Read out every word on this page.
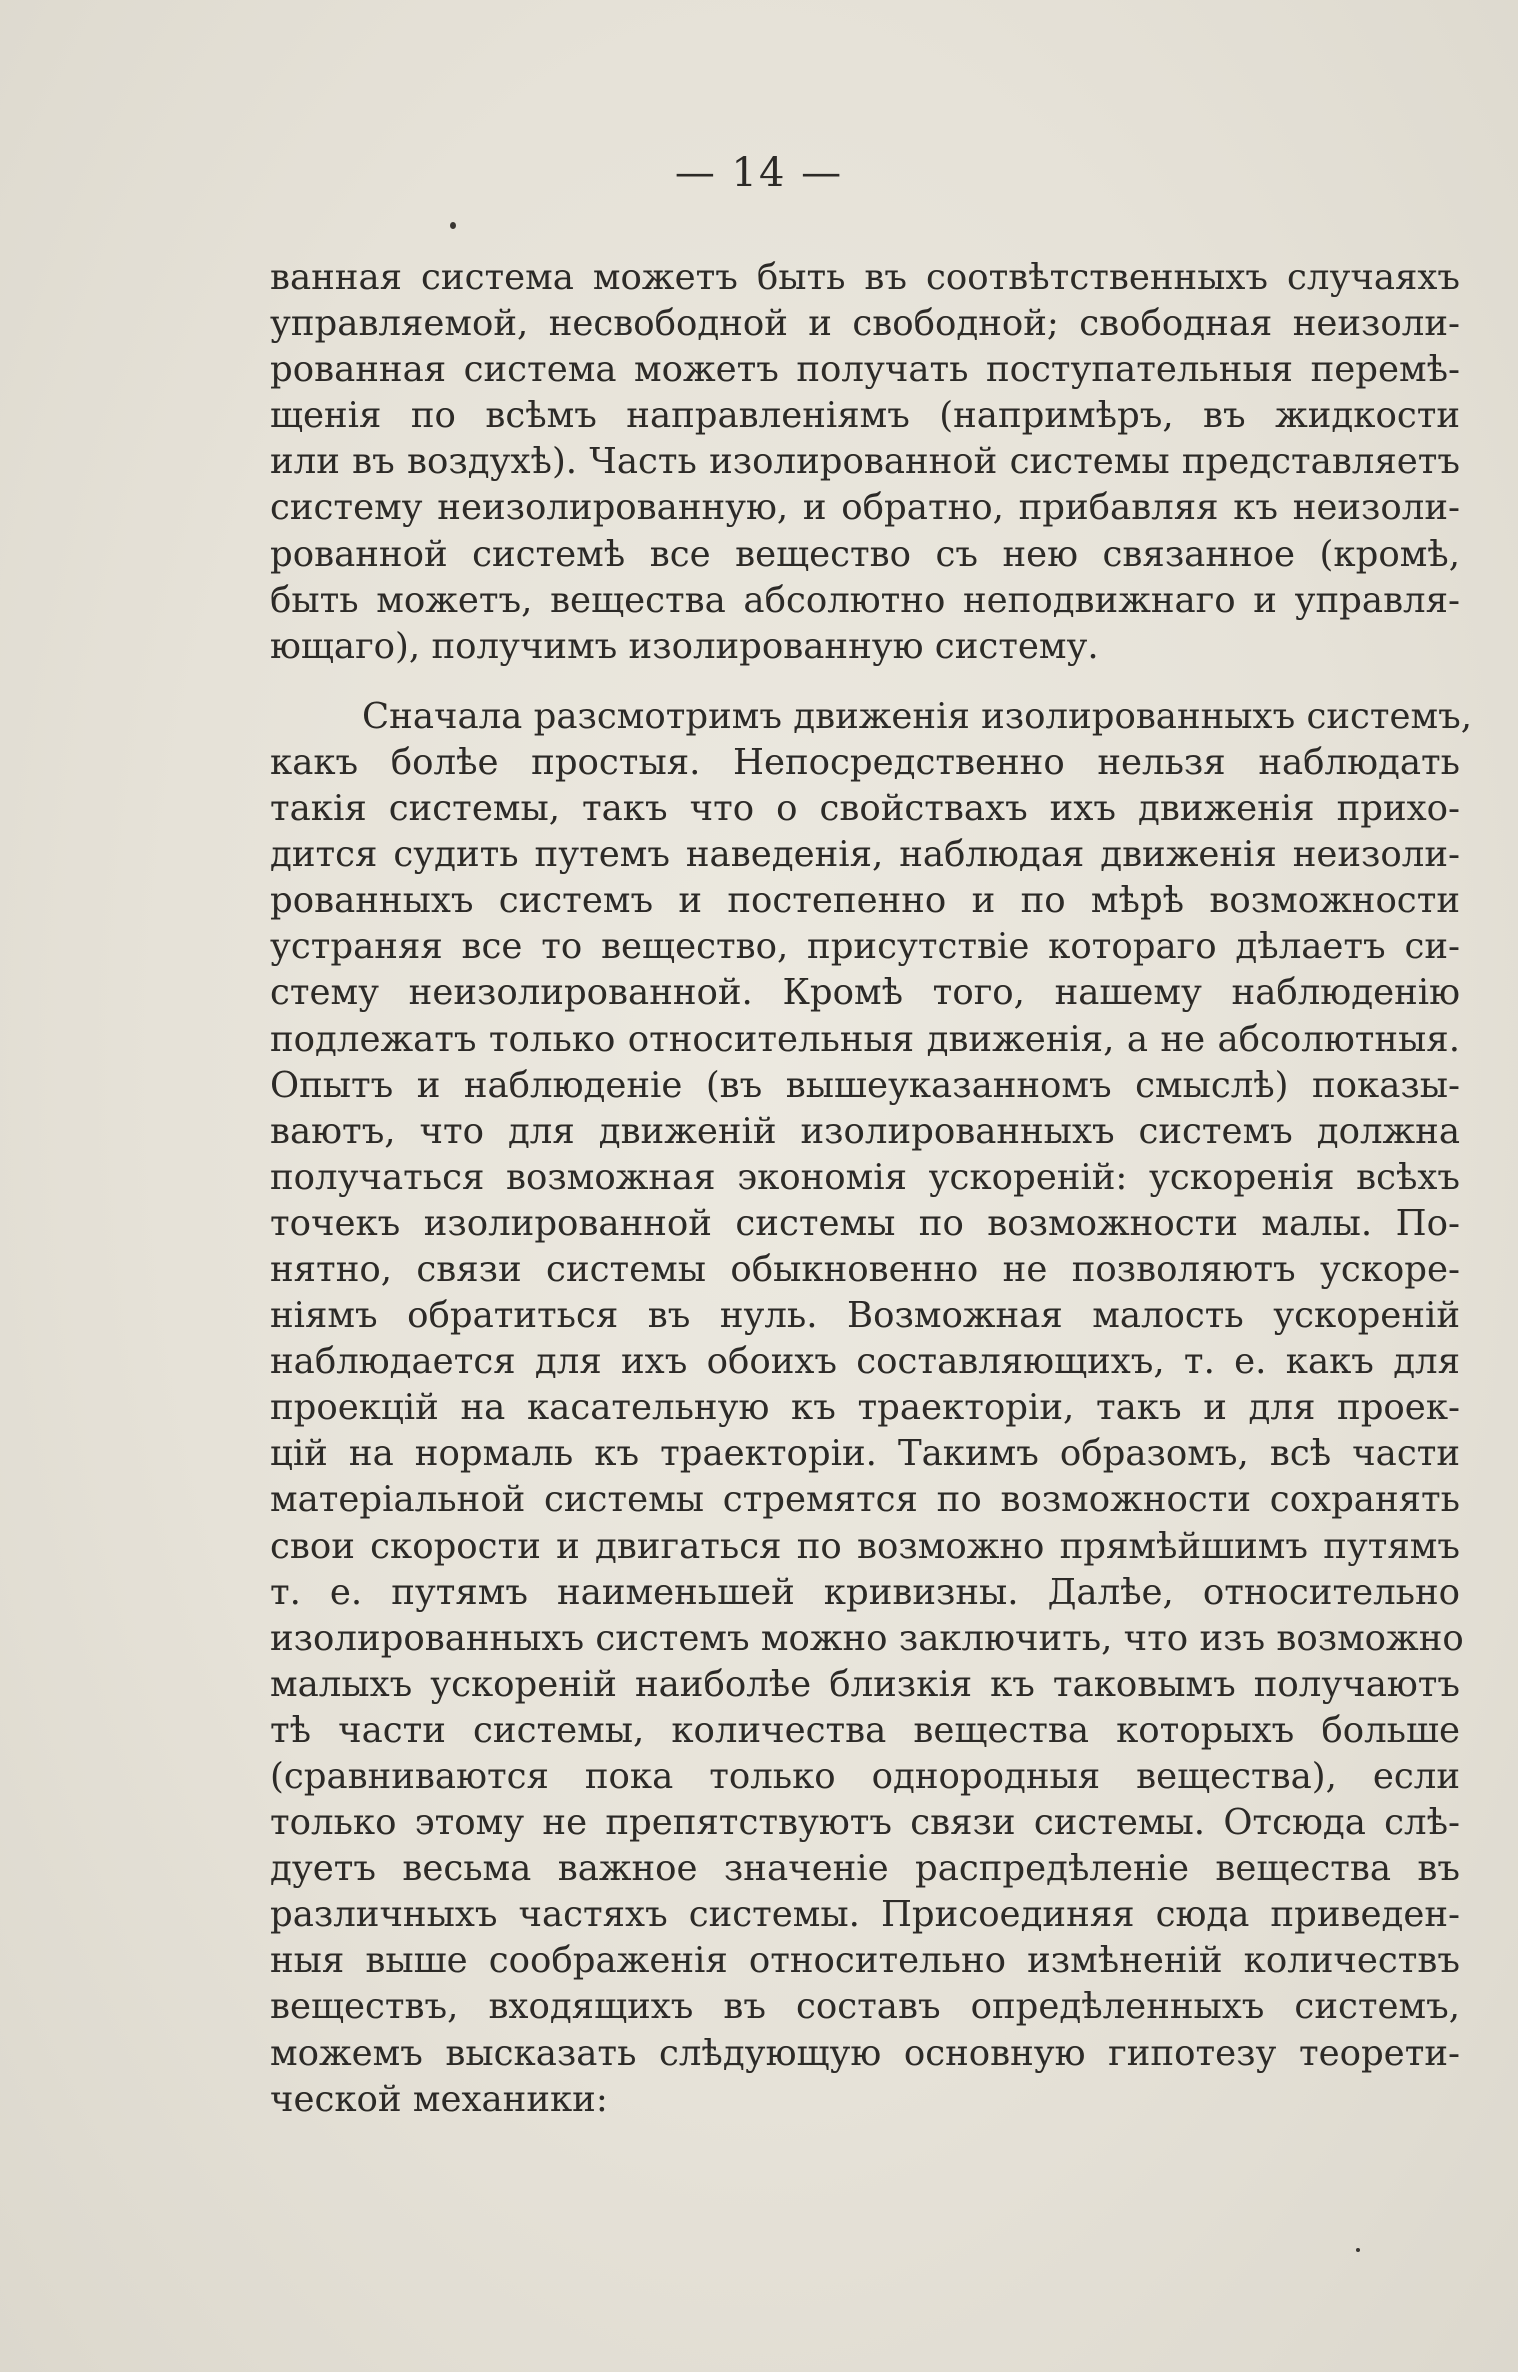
— 14 —
ванная система можетъ быть въ соотвѣтственныхъ случаяхъ
управляемой, несвободной и свободной; свободная неизоли-
рованная система можетъ получать поступательныя перемѣ-
щенія по всѣмъ направленіямъ (напримѣръ, въ жидкости
или въ воздухѣ). Часть изолированной системы представляетъ
систему неизолированную, и обратно, прибавляя къ неизоли-
рованной системѣ все вещество съ нею связанное (кромѣ,
быть можетъ, вещества абсолютно неподвижнаго и управля-
ющаго), получимъ изолированную систему.
Сначала разсмотримъ движенія изолированныхъ системъ,
какъ болѣе простыя. Непосредственно нельзя наблюдать
такія системы, такъ что о свойствахъ ихъ движенія прихо-
дится судить путемъ наведенія, наблюдая движенія неизоли-
рованныхъ системъ и постепенно и по мѣрѣ возможности
устраняя все то вещество, присутствіе котораго дѣлаетъ си-
стему неизолированной. Кромѣ того, нашему наблюденію
подлежатъ только относительныя движенія, а не абсолютныя.
Опытъ и наблюденіе (въ вышеуказанномъ смыслѣ) показы-
ваютъ, что для движеній изолированныхъ системъ должна
получаться возможная экономія ускореній: ускоренія всѣхъ
точекъ изолированной системы по возможности малы. По-
нятно, связи системы обыкновенно не позволяютъ ускоре-
ніямъ обратиться въ нуль. Возможная малость ускореній
наблюдается для ихъ обоихъ составляющихъ, т. е. какъ для
проекцій на касательную къ траекторіи, такъ и для проек-
цій на нормаль къ траекторіи. Такимъ образомъ, всѣ части
матеріальной системы стремятся по возможности сохранять
свои скорости и двигаться по возможно прямѣйшимъ путямъ
т. е. путямъ наименьшей кривизны. Далѣе, относительно
изолированныхъ системъ можно заключить, что изъ возможно
малыхъ ускореній наиболѣе близкія къ таковымъ получаютъ
тѣ части системы, количества вещества которыхъ больше
(сравниваются пока только однородныя вещества), если
только этому не препятствуютъ связи системы. Отсюда слѣ-
дуетъ весьма важное значеніе распредѣленіе вещества въ
различныхъ частяхъ системы. Присоединяя сюда приведен-
ныя выше соображенія относительно измѣненій количествъ
веществъ, входящихъ въ составъ опредѣленныхъ системъ,
можемъ высказать слѣдующую основную гипотезу теорети-
ческой механики:
